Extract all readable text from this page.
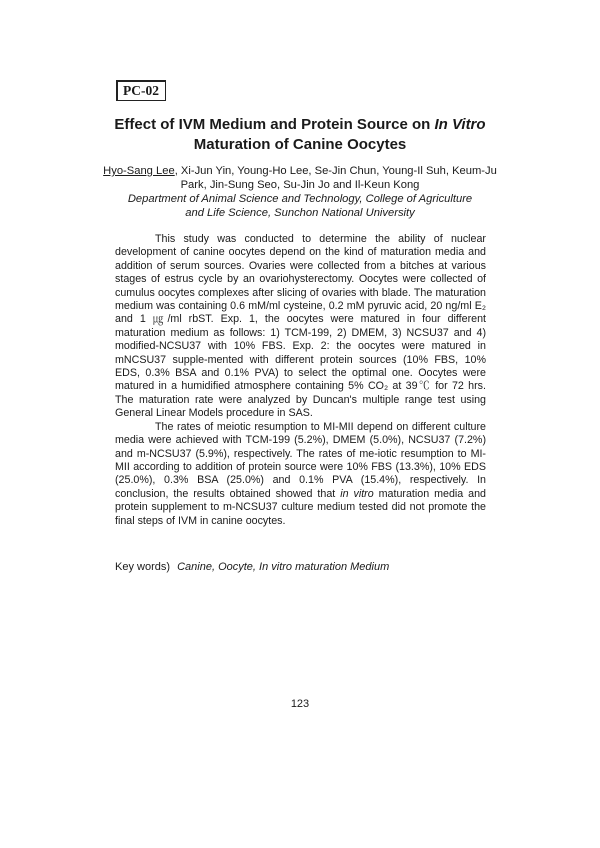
PC-02
Effect of IVM Medium and Protein Source on In Vitro
Maturation of Canine Oocytes
Hyo-Sang Lee, Xi-Jun Yin, Young-Ho Lee, Se-Jin Chun, Young-Il Suh, Keum-Ju Park, Jin-Sung Seo, Su-Jin Jo and Il-Keun Kong
Department of Animal Science and Technology, College of Agriculture
and Life Science, Sunchon National University

This study was conducted to determine the ability of nuclear development of canine oocytes depend on the kind of maturation media and addition of serum sources. Ovaries were collected from a bitches at various stages of estrus cycle by an ovariohysterectomy. Oocytes were collected of cumulus oocytes complexes after slicing of ovaries with blade. The maturation medium was containing 0.6 mM/ml cysteine, 0.2 mM pyruvic acid, 20 ng/ml E₂ and 1 ㎍/ml rbST. Exp. 1, the oocytes were matured in four different maturation medium as follows: 1) TCM-199, 2) DMEM, 3) NCSU37 and 4) modified-NCSU37 with 10% FBS. Exp. 2: the oocytes were matured in mNCSU37 supple-mented with different protein sources (10% FBS, 10% EDS, 0.3% BSA and 0.1% PVA) to select the optimal one. Oocytes were matured in a humidified atmosphere containing 5% CO₂ at 39℃ for 72 hrs. The maturation rate were analyzed by Duncan's multiple range test using General Linear Models procedure in SAS.

The rates of meiotic resumption to MI-MII depend on different culture media were achieved with TCM-199 (5.2%), DMEM (5.0%), NCSU37 (7.2%) and m-NCSU37 (5.9%), respectively. The rates of me-iotic resumption to MI-MII according to addition of protein source were 10% FBS (13.3%), 10% EDS (25.0%), 0.3% BSA (25.0%) and 0.1% PVA (15.4%), respectively. In conclusion, the results obtained showed that in vitro maturation media and protein supplement to m-NCSU37 culture medium tested did not promote the final steps of IVM in canine oocytes.

Key words) Canine, Oocyte, In vitro maturation Medium
123
